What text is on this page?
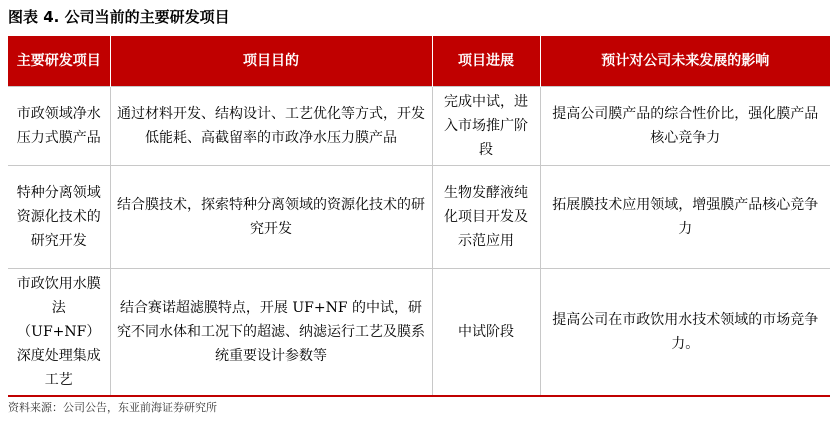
图表 4. 公司当前的主要研发项目
主要研发项目	项目目的	项目进展	预计对公司未来发展的影响
市政领域净水压力式膜产品	通过材料开发、结构设计、工艺优化等方式，开发低能耗、高截留率的市政净水压力膜产品	完成中试，进入市场推广阶段	提高公司膜产品的综合性价比，强化膜产品核心竞争力
特种分离领域资源化技术的研究开发	结合膜技术，探索特种分离领域的资源化技术的研究开发	生物发酵液纯化项目开发及示范应用	拓展膜技术应用领域，增强膜产品核心竞争力
市政饮用水膜法（UF+NF）深度处理集成工艺	结合赛诺超滤膜特点，开展 UF+NF 的中试，研究不同水体和工况下的超滤、纳滤运行工艺及膜系统重要设计参数等	中试阶段	提高公司在市政饮用水技术领域的市场竞争力。
资料来源：公司公告，东亚前海证券研究所
